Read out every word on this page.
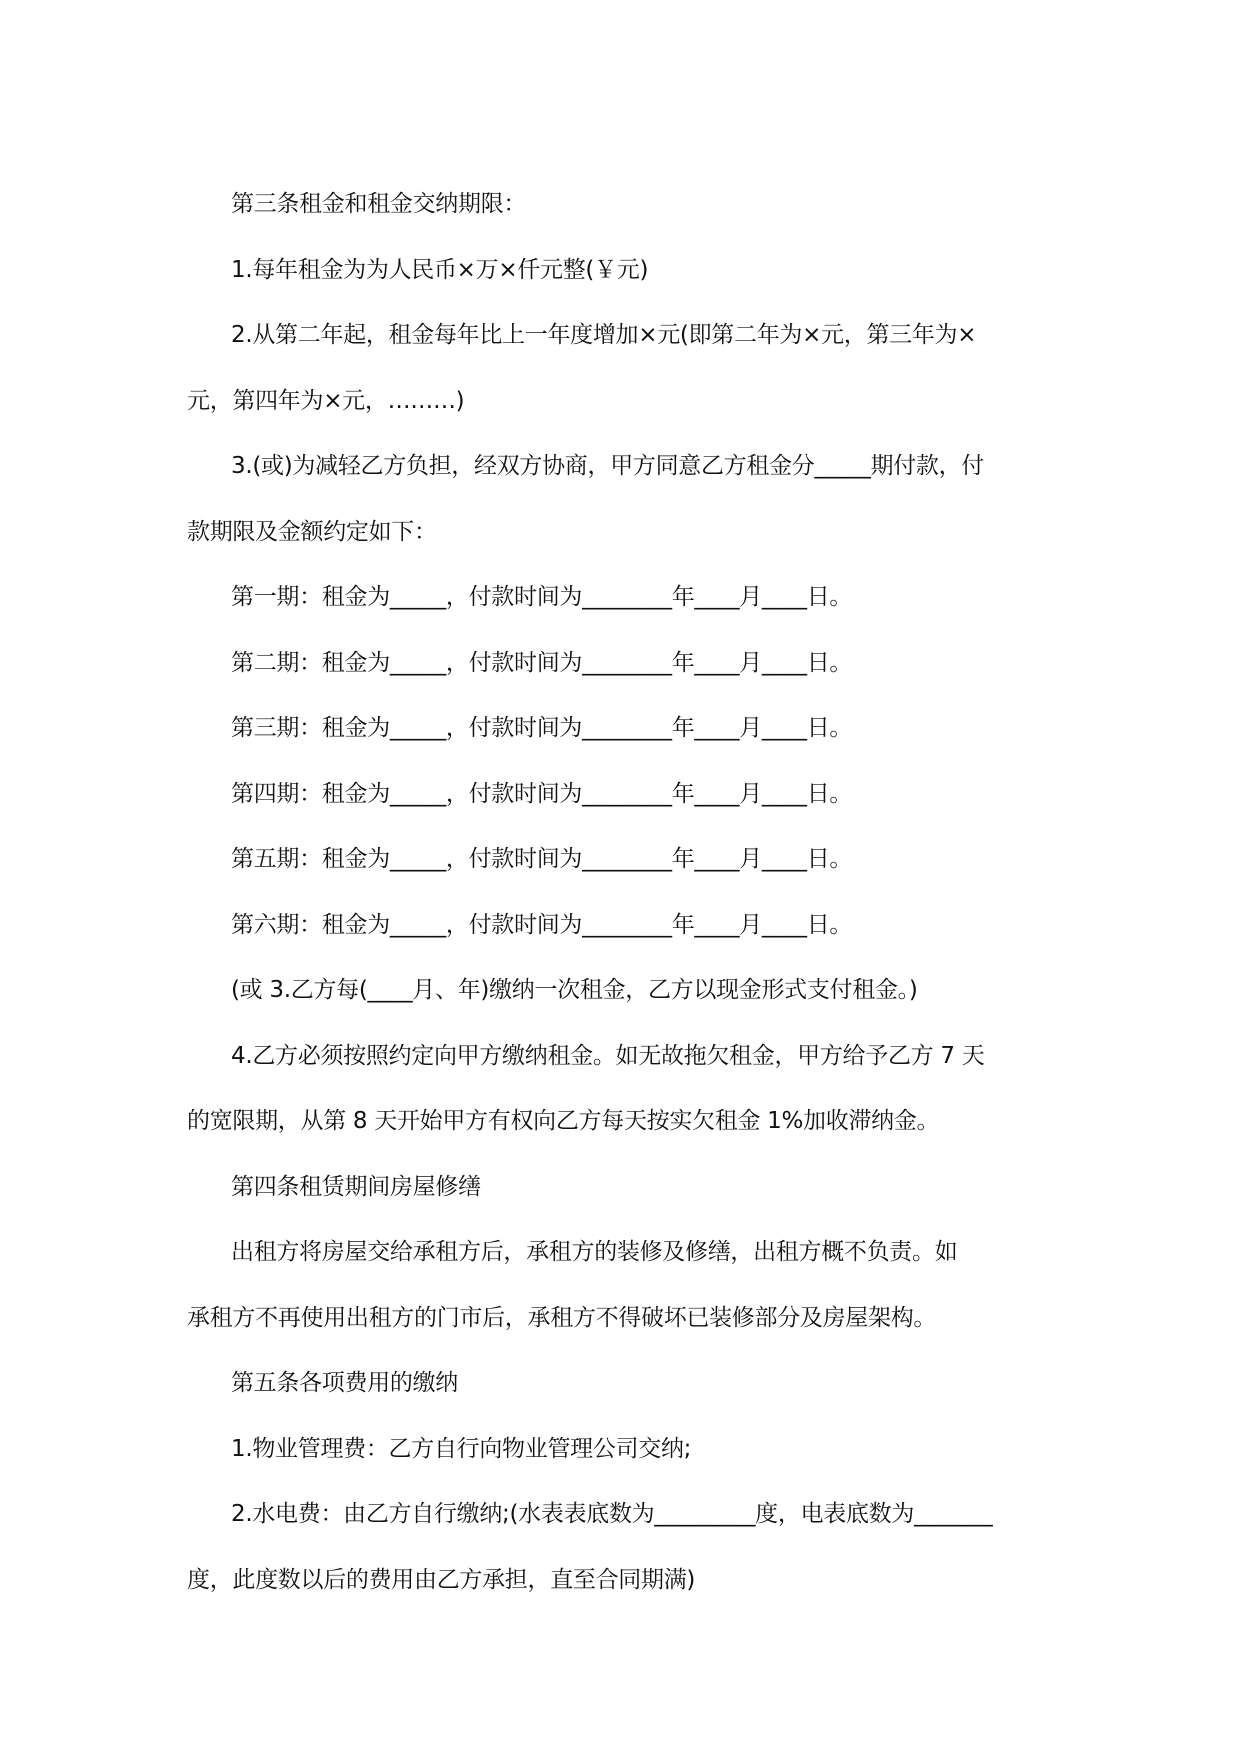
第三条租金和租金交纳期限：

1.每年租金为为人民币×万×仟元整(￥元)

2.从第二年起，租金每年比上一年度增加×元(即第二年为×元，第三年为×

元，第四年为×元，………)

3.(或)为减轻乙方负担，经双方协商，甲方同意乙方租金分_____期付款，付

款期限及金额约定如下：

第一期：租金为_____，付款时间为________年____月____日。

第二期：租金为_____，付款时间为________年____月____日。

第三期：租金为_____，付款时间为________年____月____日。

第四期：租金为_____，付款时间为________年____月____日。

第五期：租金为_____，付款时间为________年____月____日。

第六期：租金为_____，付款时间为________年____月____日。

(或 3.乙方每(____月、年)缴纳一次租金，乙方以现金形式支付租金。)

4.乙方必须按照约定向甲方缴纳租金。如无故拖欠租金，甲方给予乙方 7 天

的宽限期，从第 8 天开始甲方有权向乙方每天按实欠租金 1%加收滞纳金。

第四条租赁期间房屋修缮

出租方将房屋交给承租方后，承租方的装修及修缮，出租方概不负责。如

承租方不再使用出租方的门市后，承租方不得破坏已装修部分及房屋架构。

第五条各项费用的缴纳

1.物业管理费：乙方自行向物业管理公司交纳;

2.水电费：由乙方自行缴纳;(水表表底数为_________度，电表底数为_______

度，此度数以后的费用由乙方承担，直至合同期满)
